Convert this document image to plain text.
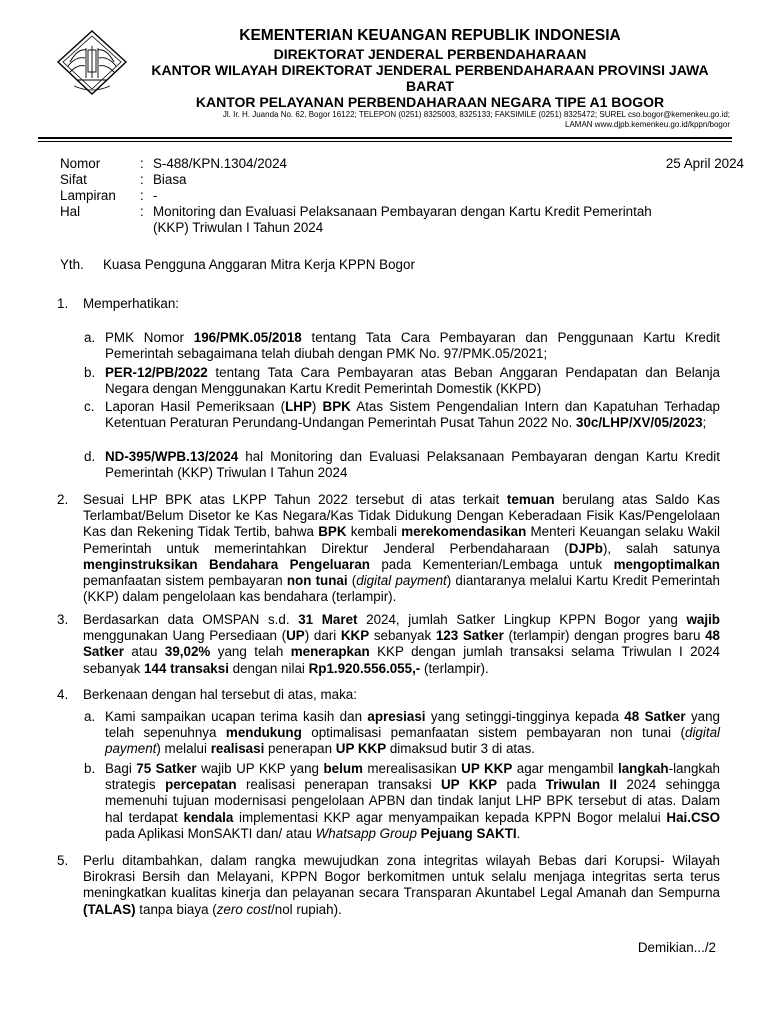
KEMENTERIAN KEUANGAN REPUBLIK INDONESIA
DIREKTORAT JENDERAL PERBENDAHARAAN
KANTOR WILAYAH DIREKTORAT JENDERAL PERBENDAHARAAN PROVINSI JAWA
BARAT
KANTOR PELAYANAN PERBENDAHARAAN NEGARA TIPE A1 BOGOR
Jl. Ir. H. Juanda No. 62, Bogor 16122; TELEPON (0251) 8325003, 8325133; FAKSIMILE (0251) 8325472; SUREL cso.bogor@kemenkeu.go.id;
LAMAN www.djpb.kemenkeu.go.id/kppn/bogor
Nomor	: S-488/KPN.1304/2024	25 April 2024
Sifat	: Biasa
Lampiran : -
Hal	: Monitoring dan Evaluasi Pelaksanaan Pembayaran dengan Kartu Kredit Pemerintah
(KKP) Triwulan I Tahun 2024
Yth. Kuasa Pengguna Anggaran Mitra Kerja KPPN Bogor
1. Memperhatikan:
a. PMK Nomor 196/PMK.05/2018 tentang Tata Cara Pembayaran dan Penggunaan Kartu Kredit Pemerintah sebagaimana telah diubah dengan PMK No. 97/PMK.05/2021;
b. PER-12/PB/2022 tentang Tata Cara Pembayaran atas Beban Anggaran Pendapatan dan Belanja Negara dengan Menggunakan Kartu Kredit Pemerintah Domestik (KKPD)
c. Laporan Hasil Pemeriksaan (LHP) BPK Atas Sistem Pengendalian Intern dan Kapatuhan Terhadap Ketentuan Peraturan Perundang-Undangan Pemerintah Pusat Tahun 2022 No. 30c/LHP/XV/05/2023;
d. ND-395/WPB.13/2024 hal Monitoring dan Evaluasi Pelaksanaan Pembayaran dengan Kartu Kredit Pemerintah (KKP) Triwulan I Tahun 2024
2. Sesuai LHP BPK atas LKPP Tahun 2022 tersebut di atas terkait temuan berulang atas Saldo Kas Terlambat/Belum Disetor ke Kas Negara/Kas Tidak Didukung Dengan Keberadaan Fisik Kas/Pengelolaan Kas dan Rekening Tidak Tertib, bahwa BPK kembali merekomendasikan Menteri Keuangan selaku Wakil Pemerintah untuk memerintahkan Direktur Jenderal Perbendaharaan (DJPb), salah satunya menginstruksikan Bendahara Pengeluaran pada Kementerian/Lembaga untuk mengoptimalkan pemanfaatan sistem pembayaran non tunai (digital payment) diantaranya melalui Kartu Kredit Pemerintah (KKP) dalam pengelolaan kas bendahara (terlampir).
3. Berdasarkan data OMSPAN s.d. 31 Maret 2024, jumlah Satker Lingkup KPPN Bogor yang wajib menggunakan Uang Persediaan (UP) dari KKP sebanyak 123 Satker (terlampir) dengan progres baru 48 Satker atau 39,02% yang telah menerapkan KKP dengan jumlah transaksi selama Triwulan I 2024 sebanyak 144 transaksi dengan nilai Rp1.920.556.055,- (terlampir).
4. Berkenaan dengan hal tersebut di atas, maka:
a. Kami sampaikan ucapan terima kasih dan apresiasi yang setinggi-tingginya kepada 48 Satker yang telah sepenuhnya mendukung optimalisasi pemanfaatan sistem pembayaran non tunai (digital payment) melalui realisasi penerapan UP KKP dimaksud butir 3 di atas.
b. Bagi 75 Satker wajib UP KKP yang belum merealisasikan UP KKP agar mengambil langkah-langkah strategis percepatan realisasi penerapan transaksi UP KKP pada Triwulan II 2024 sehingga memenuhi tujuan modernisasi pengelolaan APBN dan tindak lanjut LHP BPK tersebut di atas. Dalam hal terdapat kendala implementasi KKP agar menyampaikan kepada KPPN Bogor melalui Hai.CSO pada Aplikasi MonSAKTI dan/ atau Whatsapp Group Pejuang SAKTI.
5. Perlu ditambahkan, dalam rangka mewujudkan zona integritas wilayah Bebas dari Korupsi- Wilayah Birokrasi Bersih dan Melayani, KPPN Bogor berkomitmen untuk selalu menjaga integritas serta terus meningkatkan kualitas kinerja dan pelayanan secara Transparan Akuntabel Legal Amanah dan Sempurna (TALAS) tanpa biaya (zero cost/nol rupiah).
Demikian.../2
